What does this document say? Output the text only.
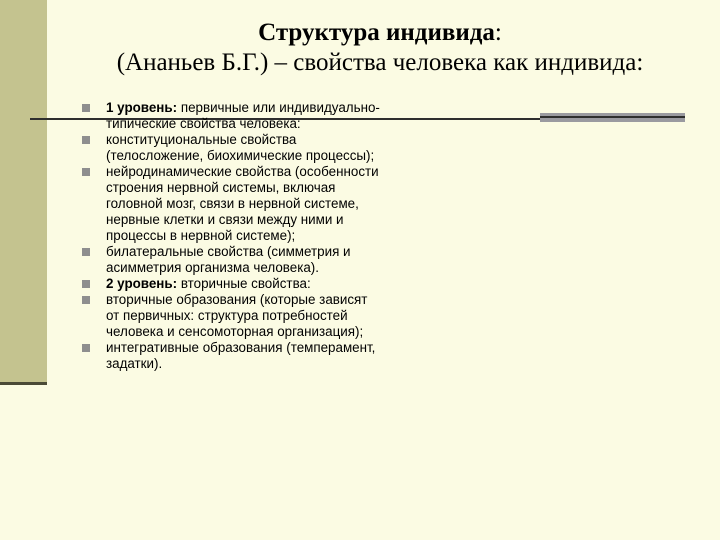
Структура индивида:
(Ананьев Б.Г.) – свойства человека как индивида:
1 уровень: первичные или индивидуально-типические свойства человека:
конституциональные свойства (телосложение, биохимические процессы);
нейродинамические свойства (особенности строения нервной системы, включая головной мозг, связи в нервной системе, нервные клетки и связи между ними и процессы в нервной системе);
билатеральные свойства (симметрия и асимметрия организма человека).
2 уровень: вторичные свойства:
вторичные образования (которые зависят от первичных: структура потребностей человека и сенсомоторная организация);
интегративные образования (темперамент, задатки).
